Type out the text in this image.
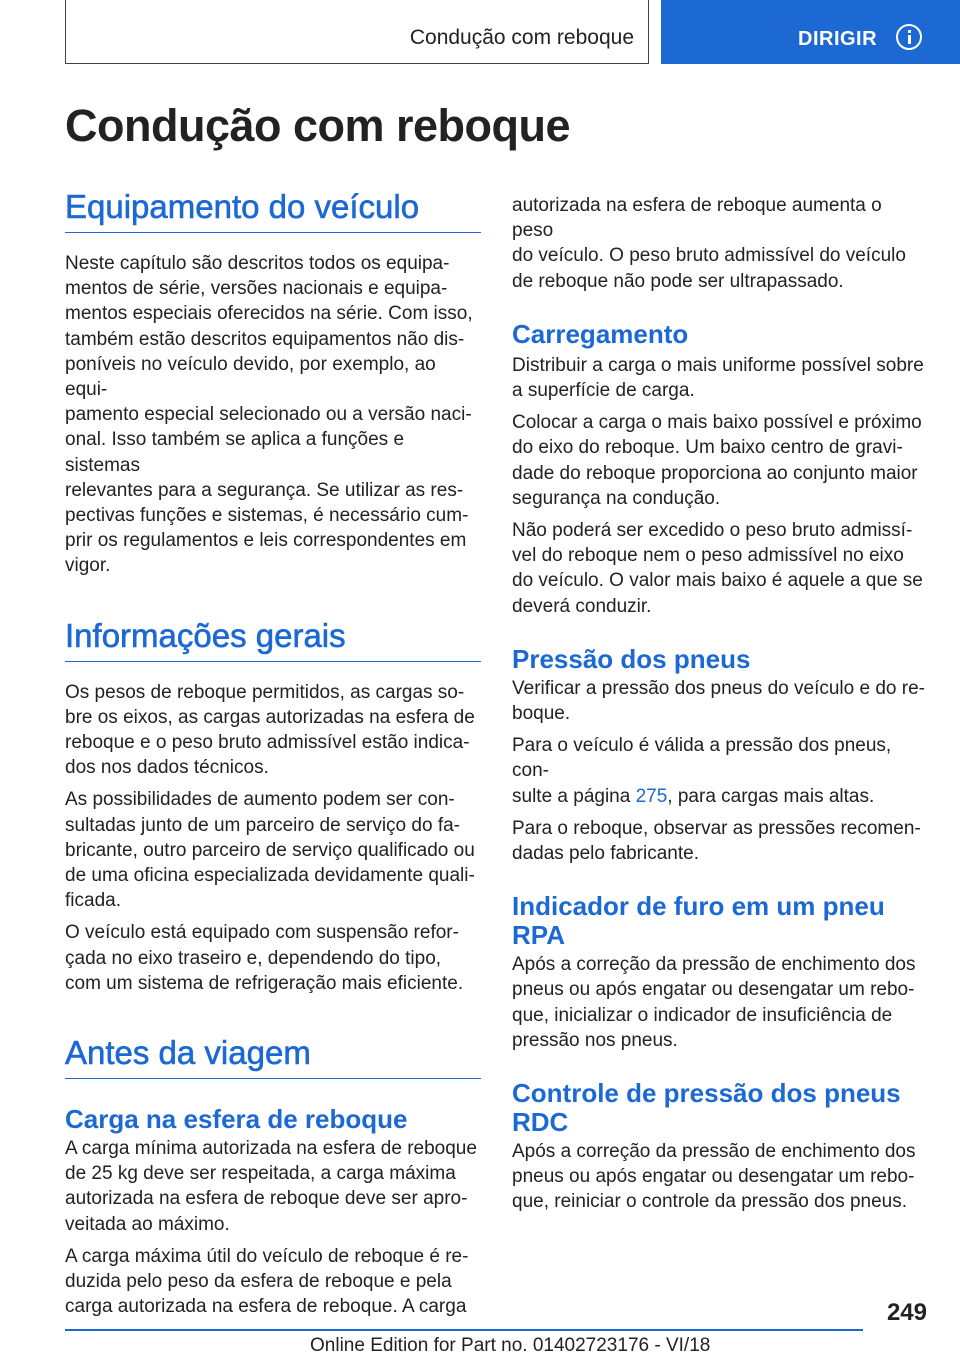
Condução com reboque	DIRIGIR
Condução com reboque
Equipamento do veículo

Neste capítulo são descritos todos os equipa-
mentos de série, versões nacionais e equipa-
mentos especiais oferecidos na série. Com isso,
também estão descritos equipamentos não dis-
poníveis no veículo devido, por exemplo, ao equi-
pamento especial selecionado ou a versão naci-
onal. Isso também se aplica a funções e sistemas
relevantes para a segurança. Se utilizar as res-
pectivas funções e sistemas, é necessário cum-
prir os regulamentos e leis correspondentes em
vigor.

Informações gerais

Os pesos de reboque permitidos, as cargas so-
bre os eixos, as cargas autorizadas na esfera de
reboque e o peso bruto admissível estão indica-
dos nos dados técnicos.

As possibilidades de aumento podem ser con-
sultadas junto de um parceiro de serviço do fa-
bricante, outro parceiro de serviço qualificado ou
de uma oficina especializada devidamente quali-
ficada.

O veículo está equipado com suspensão refor-
çada no eixo traseiro e, dependendo do tipo,
com um sistema de refrigeração mais eficiente.

Antes da viagem
Carga na esfera de reboque

A carga mínima autorizada na esfera de reboque
de 25 kg deve ser respeitada, a carga máxima
autorizada na esfera de reboque deve ser apro-
veitada ao máximo.

A carga máxima útil do veículo de reboque é re-
duzida pelo peso da esfera de reboque e pela
carga autorizada na esfera de reboque. A carga

autorizada na esfera de reboque aumenta o peso
do veículo. O peso bruto admissível do veículo
de reboque não pode ser ultrapassado.

Carregamento

Distribuir a carga o mais uniforme possível sobre
a superfície de carga.

Colocar a carga o mais baixo possível e próximo
do eixo do reboque. Um baixo centro de gravi-
dade do reboque proporciona ao conjunto maior
segurança na condução.

Não poderá ser excedido o peso bruto admissí-
vel do reboque nem o peso admissível no eixo
do veículo. O valor mais baixo é aquele a que se
deverá conduzir.

Pressão dos pneus

Verificar a pressão dos pneus do veículo e do re-
boque.

Para o veículo é válida a pressão dos pneus, con-
sulte a página 275, para cargas mais altas.

Para o reboque, observar as pressões recomen-
dadas pelo fabricante.

Indicador de furo em um pneu
RPA

Após a correção da pressão de enchimento dos
pneus ou após engatar ou desengatar um rebo-
que, inicializar o indicador de insuficiência de
pressão nos pneus.

Controle de pressão dos pneus
RDC

Após a correção da pressão de enchimento dos
pneus ou após engatar ou desengatar um rebo-
que, reiniciar o controle da pressão dos pneus.

249
Online Edition for Part no. 01402723176 - VI/18
